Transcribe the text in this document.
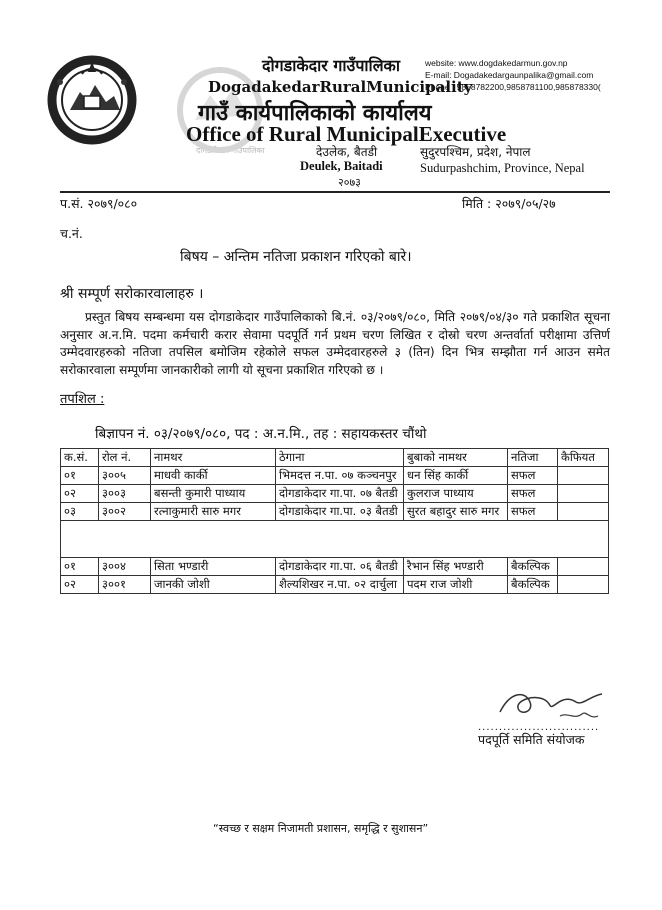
दोगडाकेदार गाउँपालिका
दोगडाकेदार गाउँपालिका
DogadakedarRuralMunicipality
गाउँ कार्यपालिकाको कार्यालय
Office of Rural MunicipalExecutive
website: www.dogdakedarmun.gov.np
E-mail: Dogadakedargaunpalika@gmail.com
Phone : 9858782200,9858781100,985878330(
देउलेक, बैतडी
Deulek, Baitadi
२०७३
सुदुरपश्चिम, प्रदेश, नेपाल
Sudurpashchim, Province, Nepal
प.सं. २०७९/०८०	मिति : २०७९/०५/२७
च.नं.
बिषय – अन्तिम नतिजा प्रकाशन गरिएको बारे।
श्री सम्पूर्ण सरोकारवालाहरु ।
प्रस्तुत बिषय सम्बन्धमा यस दोगडाकेदार गाउँपालिकाको बि.नं. ०३/२०७९/०८०, मिति २०७९/०४/३० गते प्रकाशित सूचना अनुसार अ.न.मि. पदमा कर्मचारी करार सेवामा पदपूर्ति गर्न प्रथम चरण लिखित र दोस्रो चरण अन्तर्वार्ता परीक्षामा उत्तिर्ण उम्मेदवारहरुको नतिजा तपसिल बमोजिम रहेकोले सफल उम्मेदवारहरुले ३ (तिन) दिन भित्र सम्झौता गर्न आउन समेत सरोकारवाला सम्पूर्णमा जानकारीको लागी यो सूचना प्रकाशित गरिएको छ ।
तपशिल :
बिज्ञापन नं. ०३/२०७९/०८०, पद : अ.न.मि., तह : सहायकस्तर चौंथो
क.सं.	रोल नं.	नामथर	ठेगाना	बुबाको नामथर	नतिजा	कैफियत
०१	३००५	माधवी कार्की	भिमदत्त न.पा. ०७ कञ्चनपुर	धन सिंह कार्की	सफल	
०२	३००३	बसन्ती कुमारी पाध्याय	दोगडाकेदार गा.पा. ०७ बैतडी	कुलराज पाध्याय	सफल	
०३	३००२	रत्नाकुमारी सारु मगर	दोगडाकेदार गा.पा. ०३ बैतडी	सुरत बहादुर सारु मगर	सफल	

०१	३००४	सिता भण्डारी	दोगडाकेदार गा.पा. ०६ बैतडी	रैभान सिंह भण्डारी	बैकल्पिक	
०२	३००१	जानकी जोशी	शैल्यशिखर न.पा. ०२ दार्चुला	पदम राज जोशी	बैकल्पिक	
.............................
पदपूर्ति समिति संयोजक
“स्वच्छ र सक्षम निजामती प्रशासन, समृद्धि र सुशासन”
